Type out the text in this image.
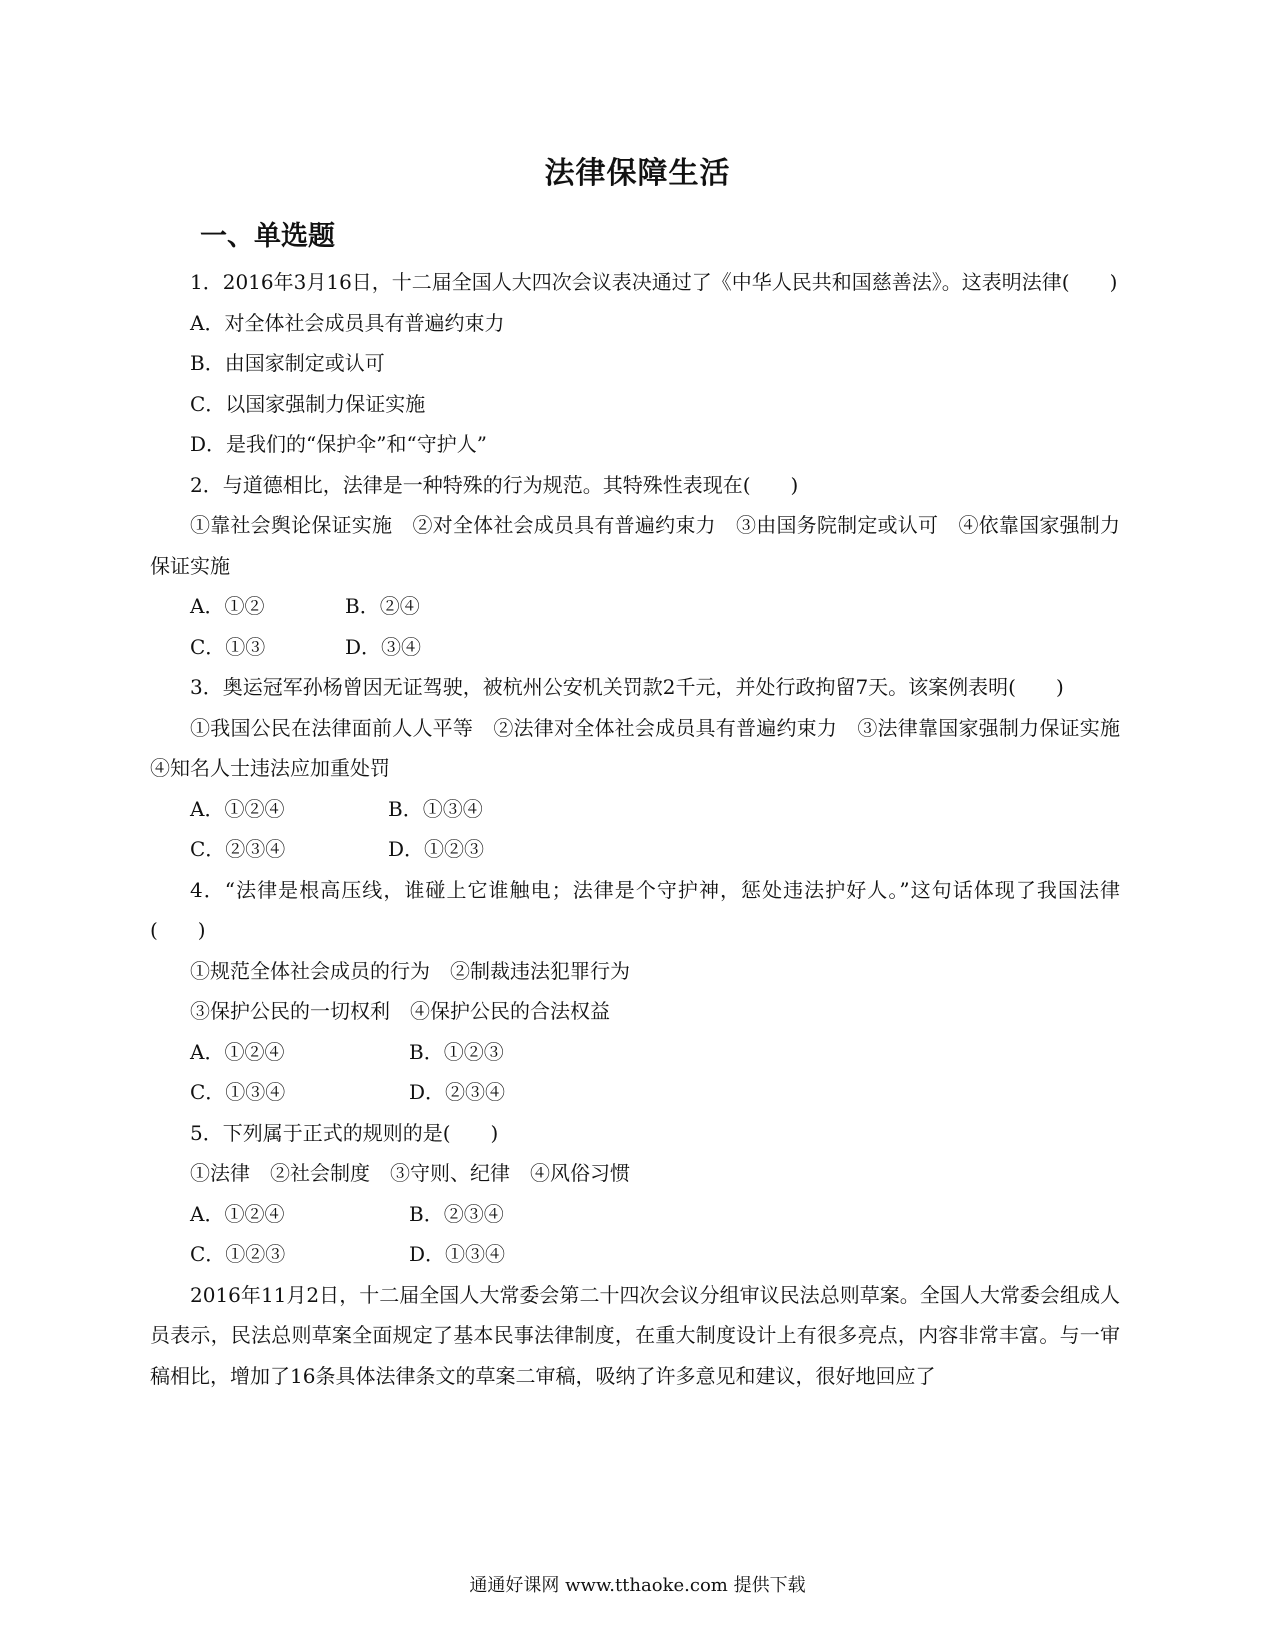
法律保障生活
一、单选题

1．2016年3月16日，十二届全国人大四次会议表决通过了《中华人民共和国慈善法》。这表明法律(　　)

A．对全体社会成员具有普遍约束力

B．由国家制定或认可

C．以国家强制力保证实施

D．是我们的“保护伞”和“守护人”

2．与道德相比，法律是一种特殊的行为规范。其特殊性表现在(　　)

①靠社会舆论保证实施　②对全体社会成员具有普遍约束力　③由国务院制定或认可　④依靠国家强制力保证实施

A．①②	B．②④

C．①③	D．③④

3．奥运冠军孙杨曾因无证驾驶，被杭州公安机关罚款2千元，并处行政拘留7天。该案例表明(　　)

①我国公民在法律面前人人平等　②法律对全体社会成员具有普遍约束力　③法律靠国家强制力保证实施　④知名人士违法应加重处罚

A．①②④	B．①③④

C．②③④	D．①②③

4．“法律是根高压线，谁碰上它谁触电；法律是个守护神，惩处违法护好人。”这句话体现了我国法律(　　)

①规范全体社会成员的行为　②制裁违法犯罪行为

③保护公民的一切权利　④保护公民的合法权益

A．①②④	B．①②③

C．①③④	D．②③④

5．下列属于正式的规则的是(　　)

①法律　②社会制度　③守则、纪律　④风俗习惯

A．①②④	B．②③④

C．①②③	D．①③④

2016年11月2日，十二届全国人大常委会第二十四次会议分组审议民法总则草案。全国人大常委会组成人员表示，民法总则草案全面规定了基本民事法律制度，在重大制度设计上有很多亮点，内容非常丰富。与一审稿相比，增加了16条具体法律条文的草案二审稿，吸纳了许多意见和建议，很好地回应了

通通好课网 www.tthaoke.com 提供下载
